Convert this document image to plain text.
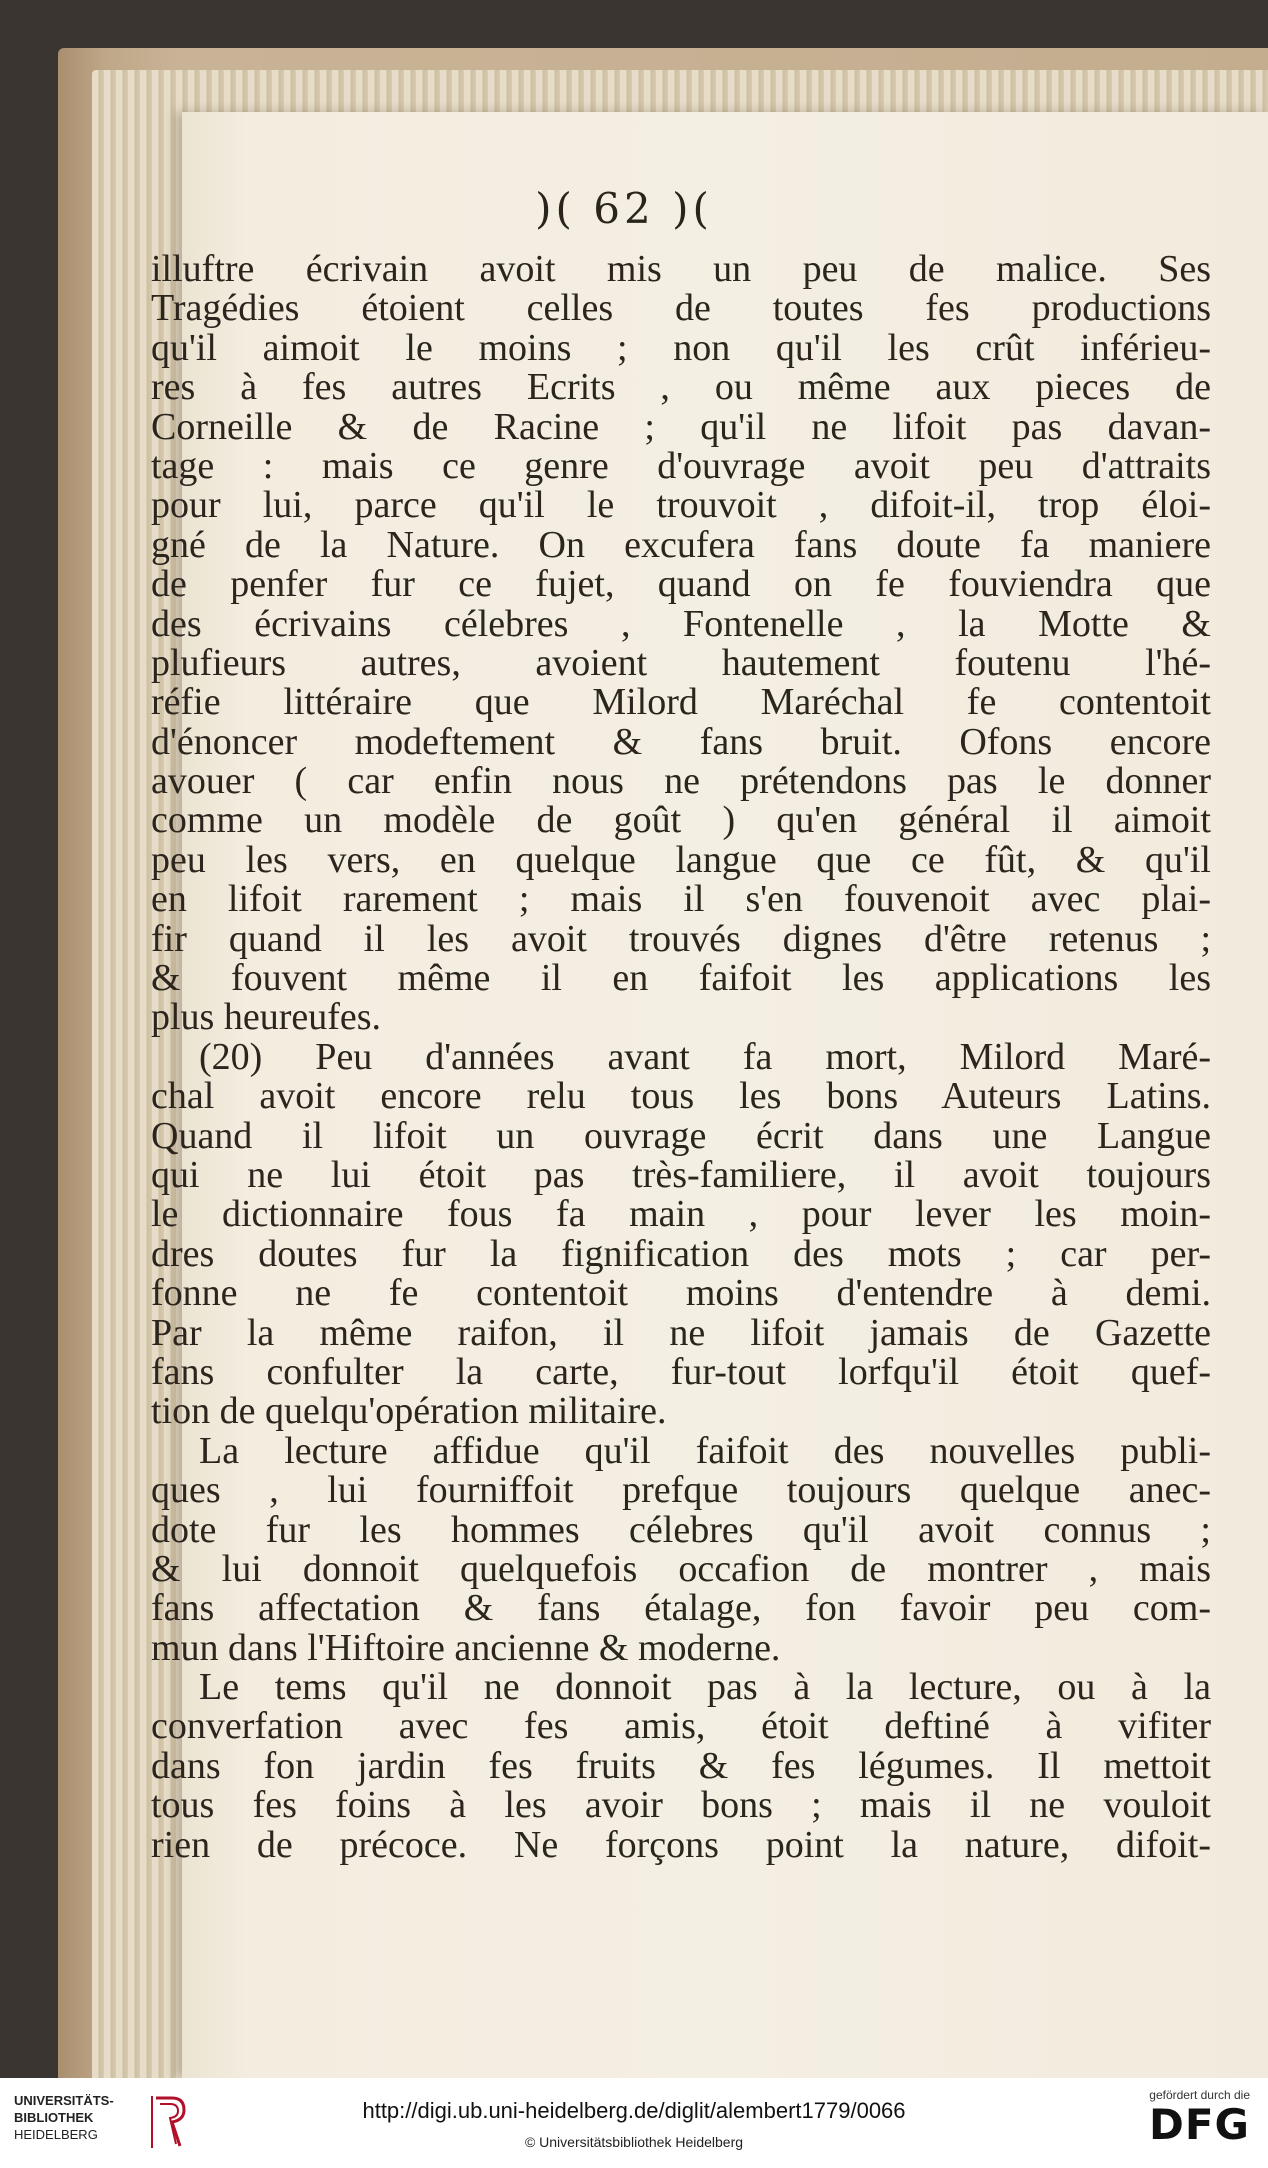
)( 62 )(
illuftre écrivain avoit mis un peu de malice. Ses
Tragédies étoient celles de toutes fes productions
qu'il aimoit le moins ; non qu'il les crût inférieu-
res à fes autres Ecrits , ou même aux pieces de
Corneille & de Racine ; qu'il ne lifoit pas davan-
tage : mais ce genre d'ouvrage avoit peu d'attraits
pour lui, parce qu'il le trouvoit , difoit-il, trop éloi-
gné de la Nature. On excufera fans doute fa maniere
de penfer fur ce fujet, quand on fe fouviendra que
des écrivains célebres , Fontenelle , la Motte &
plufieurs autres, avoient hautement foutenu l'hé-
réfie littéraire que Milord Maréchal fe contentoit
d'énoncer modeftement & fans bruit. Ofons encore
avouer ( car enfin nous ne prétendons pas le donner
comme un modèle de goût ) qu'en général il aimoit
peu les vers, en quelque langue que ce fût, & qu'il
en lifoit rarement ; mais il s'en fouvenoit avec plai-
fir quand il les avoit trouvés dignes d'être retenus ;
& fouvent même il en faifoit les applications les
plus heureufes.
(20) Peu d'années avant fa mort, Milord Maré-
chal avoit encore relu tous les bons Auteurs Latins.
Quand il lifoit un ouvrage écrit dans une Langue
qui ne lui étoit pas très-familiere, il avoit toujours
le dictionnaire fous fa main , pour lever les moin-
dres doutes fur la fignification des mots ; car per-
fonne ne fe contentoit moins d'entendre à demi.
Par la même raifon, il ne lifoit jamais de Gazette
fans confulter la carte, fur-tout lorfqu'il étoit quef-
tion de quelqu'opération militaire.
La lecture affidue qu'il faifoit des nouvelles publi-
ques , lui fourniffoit prefque toujours quelque anec-
dote fur les hommes célebres qu'il avoit connus ;
& lui donnoit quelquefois occafion de montrer , mais
fans affectation & fans étalage, fon favoir peu com-
mun dans l'Hiftoire ancienne & moderne.
Le tems qu'il ne donnoit pas à la lecture, ou à la
converfation avec fes amis, étoit deftiné à vifiter
dans fon jardin fes fruits & fes légumes. Il mettoit
tous fes foins à les avoir bons ; mais il ne vouloit
rien de précoce. Ne forçons point la nature, difoit-
UNIVERSITÄTS-
BIBLIOTHEK
HEIDELBERG
http://digi.ub.uni-heidelberg.de/diglit/alembert1779/0066
© Universitätsbibliothek Heidelberg
gefördert durch die
DFG
